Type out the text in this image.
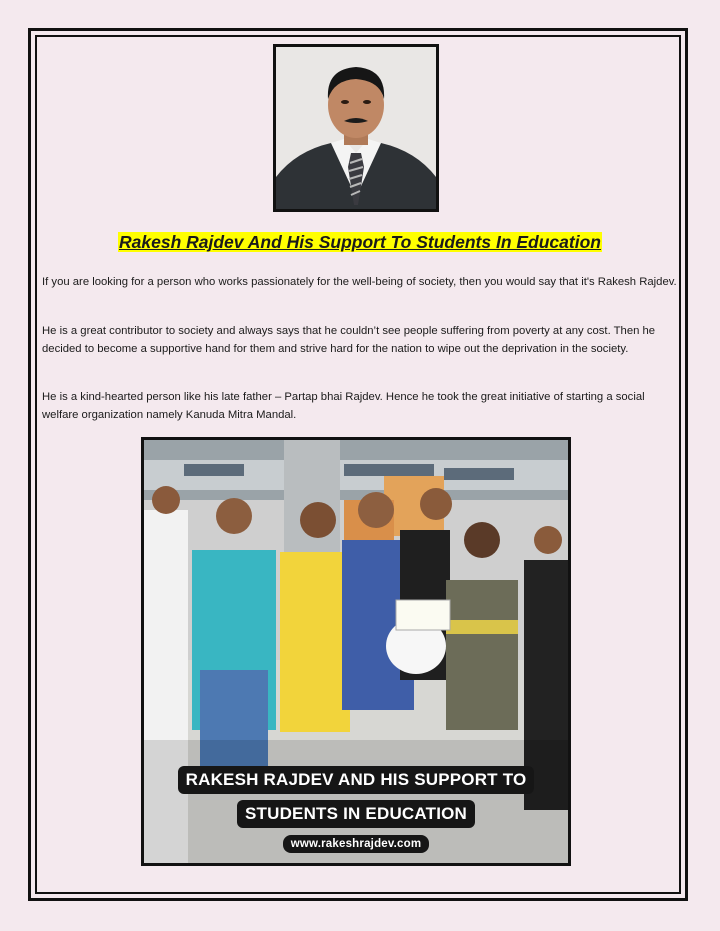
Rakesh Rajdev And His Support To Students In Education

If you are looking for a person who works passionately for the well-being of society, then you would say that it's Rakesh Rajdev.

He is a great contributor to society and always says that he couldn’t see people suffering from poverty at any cost. Then he decided to become a supportive hand for them and strive hard for the nation to wipe out the deprivation in the society.

He is a kind-hearted person like his late father – Partap bhai Rajdev. Hence he took the great initiative of starting a social welfare organization namely Kanuda Mitra Mandal.

RAKESH RAJDEV AND HIS SUPPORT TO
STUDENTS IN EDUCATION
www.rakeshrajdev.com
